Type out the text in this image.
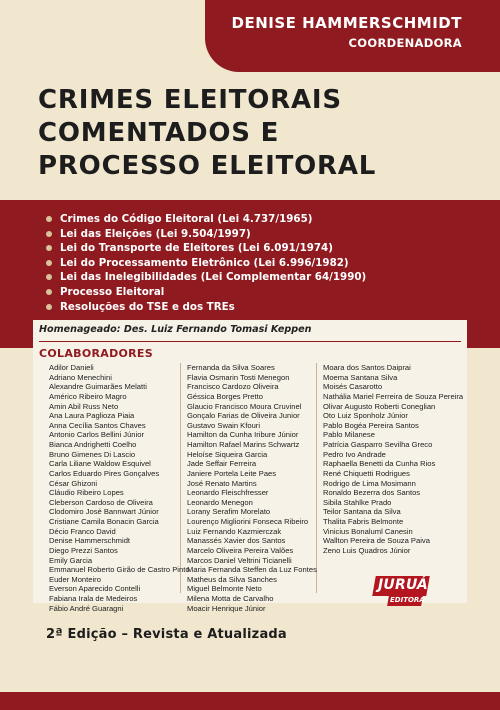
DENISE HAMMERSCHMIDT
COORDENADORA
CRIMES ELEITORAIS
COMENTADOS E
PROCESSO ELEITORAL
Crimes do Código Eleitoral (Lei 4.737/1965)
Lei das Eleições (Lei 9.504/1997)
Lei do Transporte de Eleitores (Lei 6.091/1974)
Lei do Processamento Eletrônico (Lei 6.996/1982)
Lei das Inelegibilidades (Lei Complementar 64/1990)
Processo Eleitoral
Resoluções do TSE e dos TREs
Homenageado: Des. Luiz Fernando Tomasi Keppen
COLABORADORES
Adilor Danieli
Adriano Menechini
Alexandre Guimarães Melatti
Américo Ribeiro Magro
Amin Abil Russ Neto
Ana Laura Paglioza Piaia
Anna Cecília Santos Chaves
Antonio Carlos Bellini Júnior
Bianca Andrighetti Coelho
Bruno Gimenes Di Lascio
Carla Liliane Waldow Esquivel
Carlos Eduardo Pires Gonçalves
César Ghizoni
Cláudio Ribeiro Lopes
Cleberson Cardoso de Oliveira
Clodomiro José Bannwart Júnior
Cristiane Camila Bonacin Garcia
Décio Franco David
Denise Hammerschmidt
Diego Prezzi Santos
Emily Garcia
Emmanuel Roberto Girão de Castro Pinto
Euder Monteiro
Everson Aparecido Contelli
Fabiana Irala de Medeiros
Fábio André Guaragni
Fernanda da Silva Soares
Flavia Osmarin Tosti Menegon
Francisco Cardozo Oliveira
Géssica Borges Pretto
Glaucio Francisco Moura Cruvinel
Gonçalo Farias de Oliveira Junior
Gustavo Swain Kfouri
Hamilton da Cunha Iribure Júnior
Hamilton Rafael Marins Schwartz
Heloíse Siqueira Garcia
Jade Seffair Ferreira
Janiere Portela Leite Paes
José Renato Martins
Leonardo Fleischfresser
Leonardo Menegon
Lorany Serafim Morelato
Lourenço Migliorini Fonseca Ribeiro
Luiz Fernando Kazmierczak
Manassés Xavier dos Santos
Marcelo Oliveira Pereira Valões
Marcos Daniel Veltrini Ticianelli
Maria Fernanda Steffen da Luz Fontes
Matheus da Silva Sanches
Miguel Belmonte Neto
Milena Motta de Carvalho
Moacir Henrique Júnior
Moara dos Santos Daiprai
Moema Santana Silva
Moisés Casarotto
Nathália Mariel Ferreira de Souza Pereira
Olivar Augusto Roberti Coneglian
Oto Luiz Sponholz Júnior
Pablo Bogéa Pereira Santos
Pablo Milanese
Patrícia Gasparro Sevilha Greco
Pedro Ivo Andrade
Raphaella Benetti da Cunha Rios
René Chiquetti Rodrigues
Rodrigo de Lima Mosimann
Ronaldo Bezerra dos Santos
Sibila Stahlke Prado
Teilor Santana da Silva
Thalita Fabris Belmonte
Vinicius Bonaluml Canesin
Wallton Pereira de Souza Paiva
Zeno Luis Quadros Júnior
2ª Edição – Revista e Atualizada
JURUÁ
EDITORA
